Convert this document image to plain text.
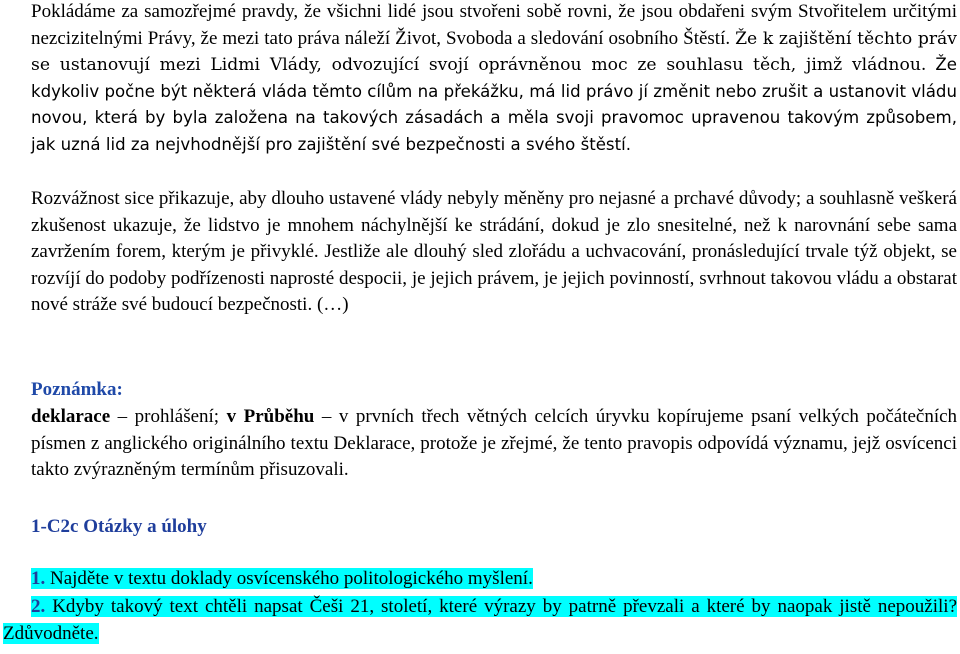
Pokládáme za samozřejmé pravdy, že všichni lidé jsou stvořeni sobě rovni, že jsou obdařeni svým Stvořitelem určitými nezcizitelnými Právy, že mezi tato práva náleží Život, Svoboda a sledování osobního Štěstí. Že k zajištění těchto práv se ustanovují mezi Lidmi Vlády, odvozující svojí oprávněnou moc ze souhlasu těch, jimž vládnou. Že kdykoliv počne být některá vláda těmto cílům na překážku, má lid právo jí změnit nebo zrušit a ustanovit vládu novou, která by byla založena na takových zásadách a měla svoji pravomoc upravenou takovým způsobem, jak uzná lid za nejvhodnější pro zajištění své bezpečnosti a svého štěstí.
Rozvážnost sice přikazuje, aby dlouho ustavené vlády nebyly měněny pro nejasné a prchavé důvody; a souhlasně veškerá zkušenost ukazuje, že lidstvo je mnohem náchylnější ke strádání, dokud je zlo snesitelné, než k narovnání sebe sama zavržením forem, kterým je přivyklé. Jestliže ale dlouhý sled zlořádu a uchvacování, pronásledující trvale týž objekt, se rozvíjí do podoby podřízenosti naprosté despocii, je jejich právem, je jejich povinností, svrhnout takovou vládu a obstarat nové stráže své budoucí bezpečnosti. (…)
Poznámka:
deklarace – prohlášení; v Průběhu – v prvních třech větných celcích úryvku kopírujeme psaní velkých počátečních písmen z anglického originálního textu Deklarace, protože je zřejmé, že tento pravopis odpovídá významu, jejž osvícenci takto zvýrazněným termínům přisuzovali.
1-C2c Otázky a úlohy
1. Najděte v textu doklady osvícenského politologického myšlení.
2. Kdyby takový text chtěli napsat Češi 21, století, které výrazy by patrně převzali a které by naopak jistě nepoužili? Zdůvodněte.
